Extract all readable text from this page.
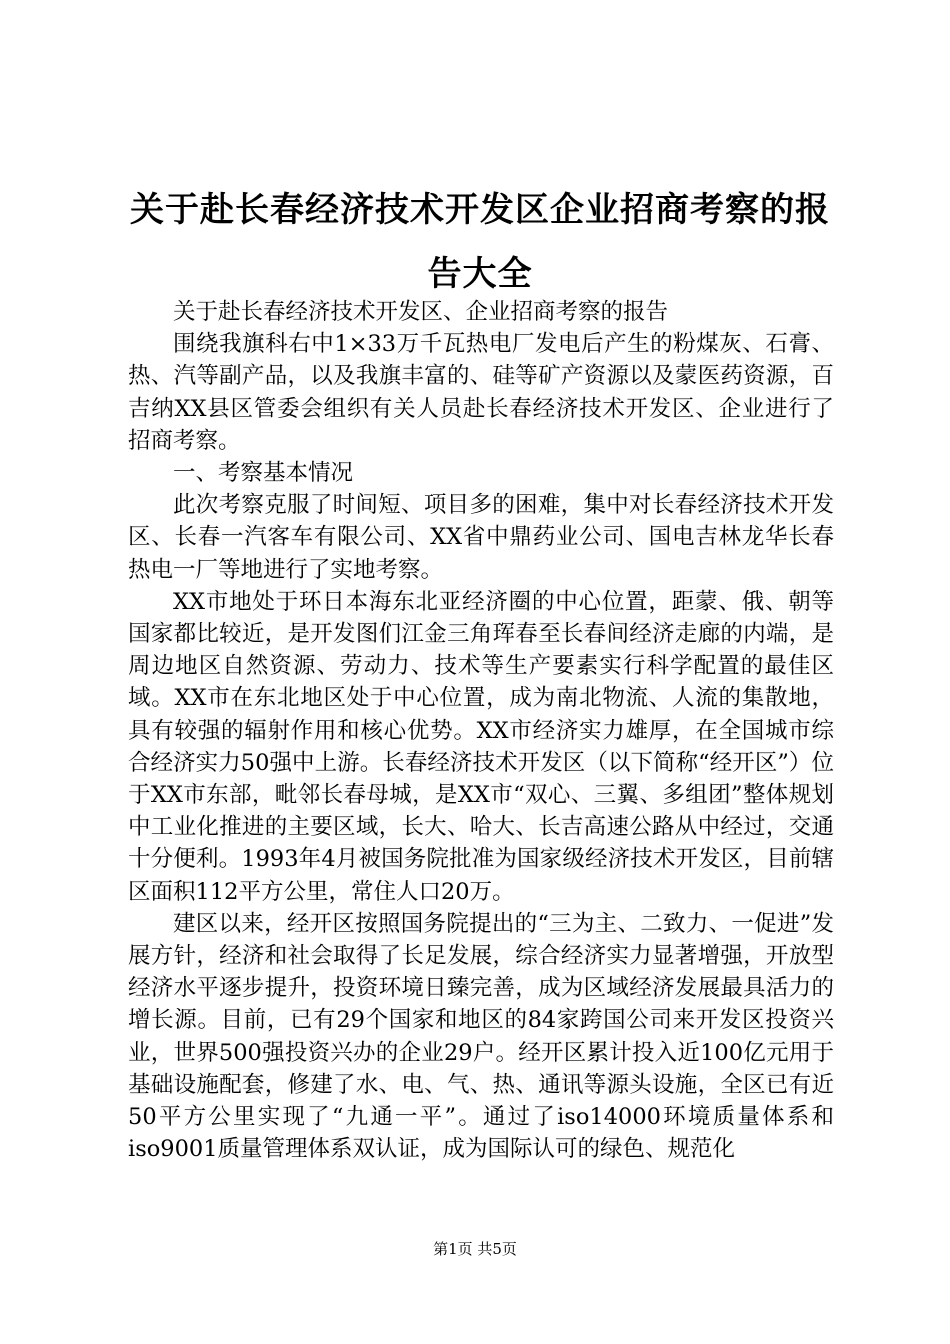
关于赴长春经济技术开发区企业招商考察的报告大全

关于赴长春经济技术开发区、企业招商考察的报告

围绕我旗科右中1×33万千瓦热电厂发电后产生的粉煤灰、石膏、热、汽等副产品，以及我旗丰富的、硅等矿产资源以及蒙医药资源，百吉纳XX县区管委会组织有关人员赴长春经济技术开发区、企业进行了招商考察。

一、考察基本情况

此次考察克服了时间短、项目多的困难，集中对长春经济技术开发区、长春一汽客车有限公司、XX省中鼎药业公司、国电吉林龙华长春热电一厂等地进行了实地考察。

XX市地处于环日本海东北亚经济圈的中心位置，距蒙、俄、朝等国家都比较近，是开发图们江金三角珲春至长春间经济走廊的内端，是周边地区自然资源、劳动力、技术等生产要素实行科学配置的最佳区域。XX市在东北地区处于中心位置，成为南北物流、人流的集散地，具有较强的辐射作用和核心优势。XX市经济实力雄厚，在全国城市综合经济实力50强中上游。长春经济技术开发区（以下简称“经开区”）位于XX市东部，毗邻长春母城，是XX市“双心、三翼、多组团”整体规划中工业化推进的主要区域，长大、哈大、长吉高速公路从中经过，交通十分便利。1993年4月被国务院批准为国家级经济技术开发区，目前辖区面积112平方公里，常住人口20万。

建区以来，经开区按照国务院提出的“三为主、二致力、一促进”发展方针，经济和社会取得了长足发展，综合经济实力显著增强，开放型经济水平逐步提升，投资环境日臻完善，成为区域经济发展最具活力的增长源。目前，已有29个国家和地区的84家跨国公司来开发区投资兴业，世界500强投资兴办的企业29户。经开区累计投入近100亿元用于基础设施配套，修建了水、电、气、热、通讯等源头设施，全区已有近50平方公里实现了“九通一平”。通过了iso14000环境质量体系和iso9001质量管理体系双认证，成为国际认可的绿色、规范化

第1页 共5页
